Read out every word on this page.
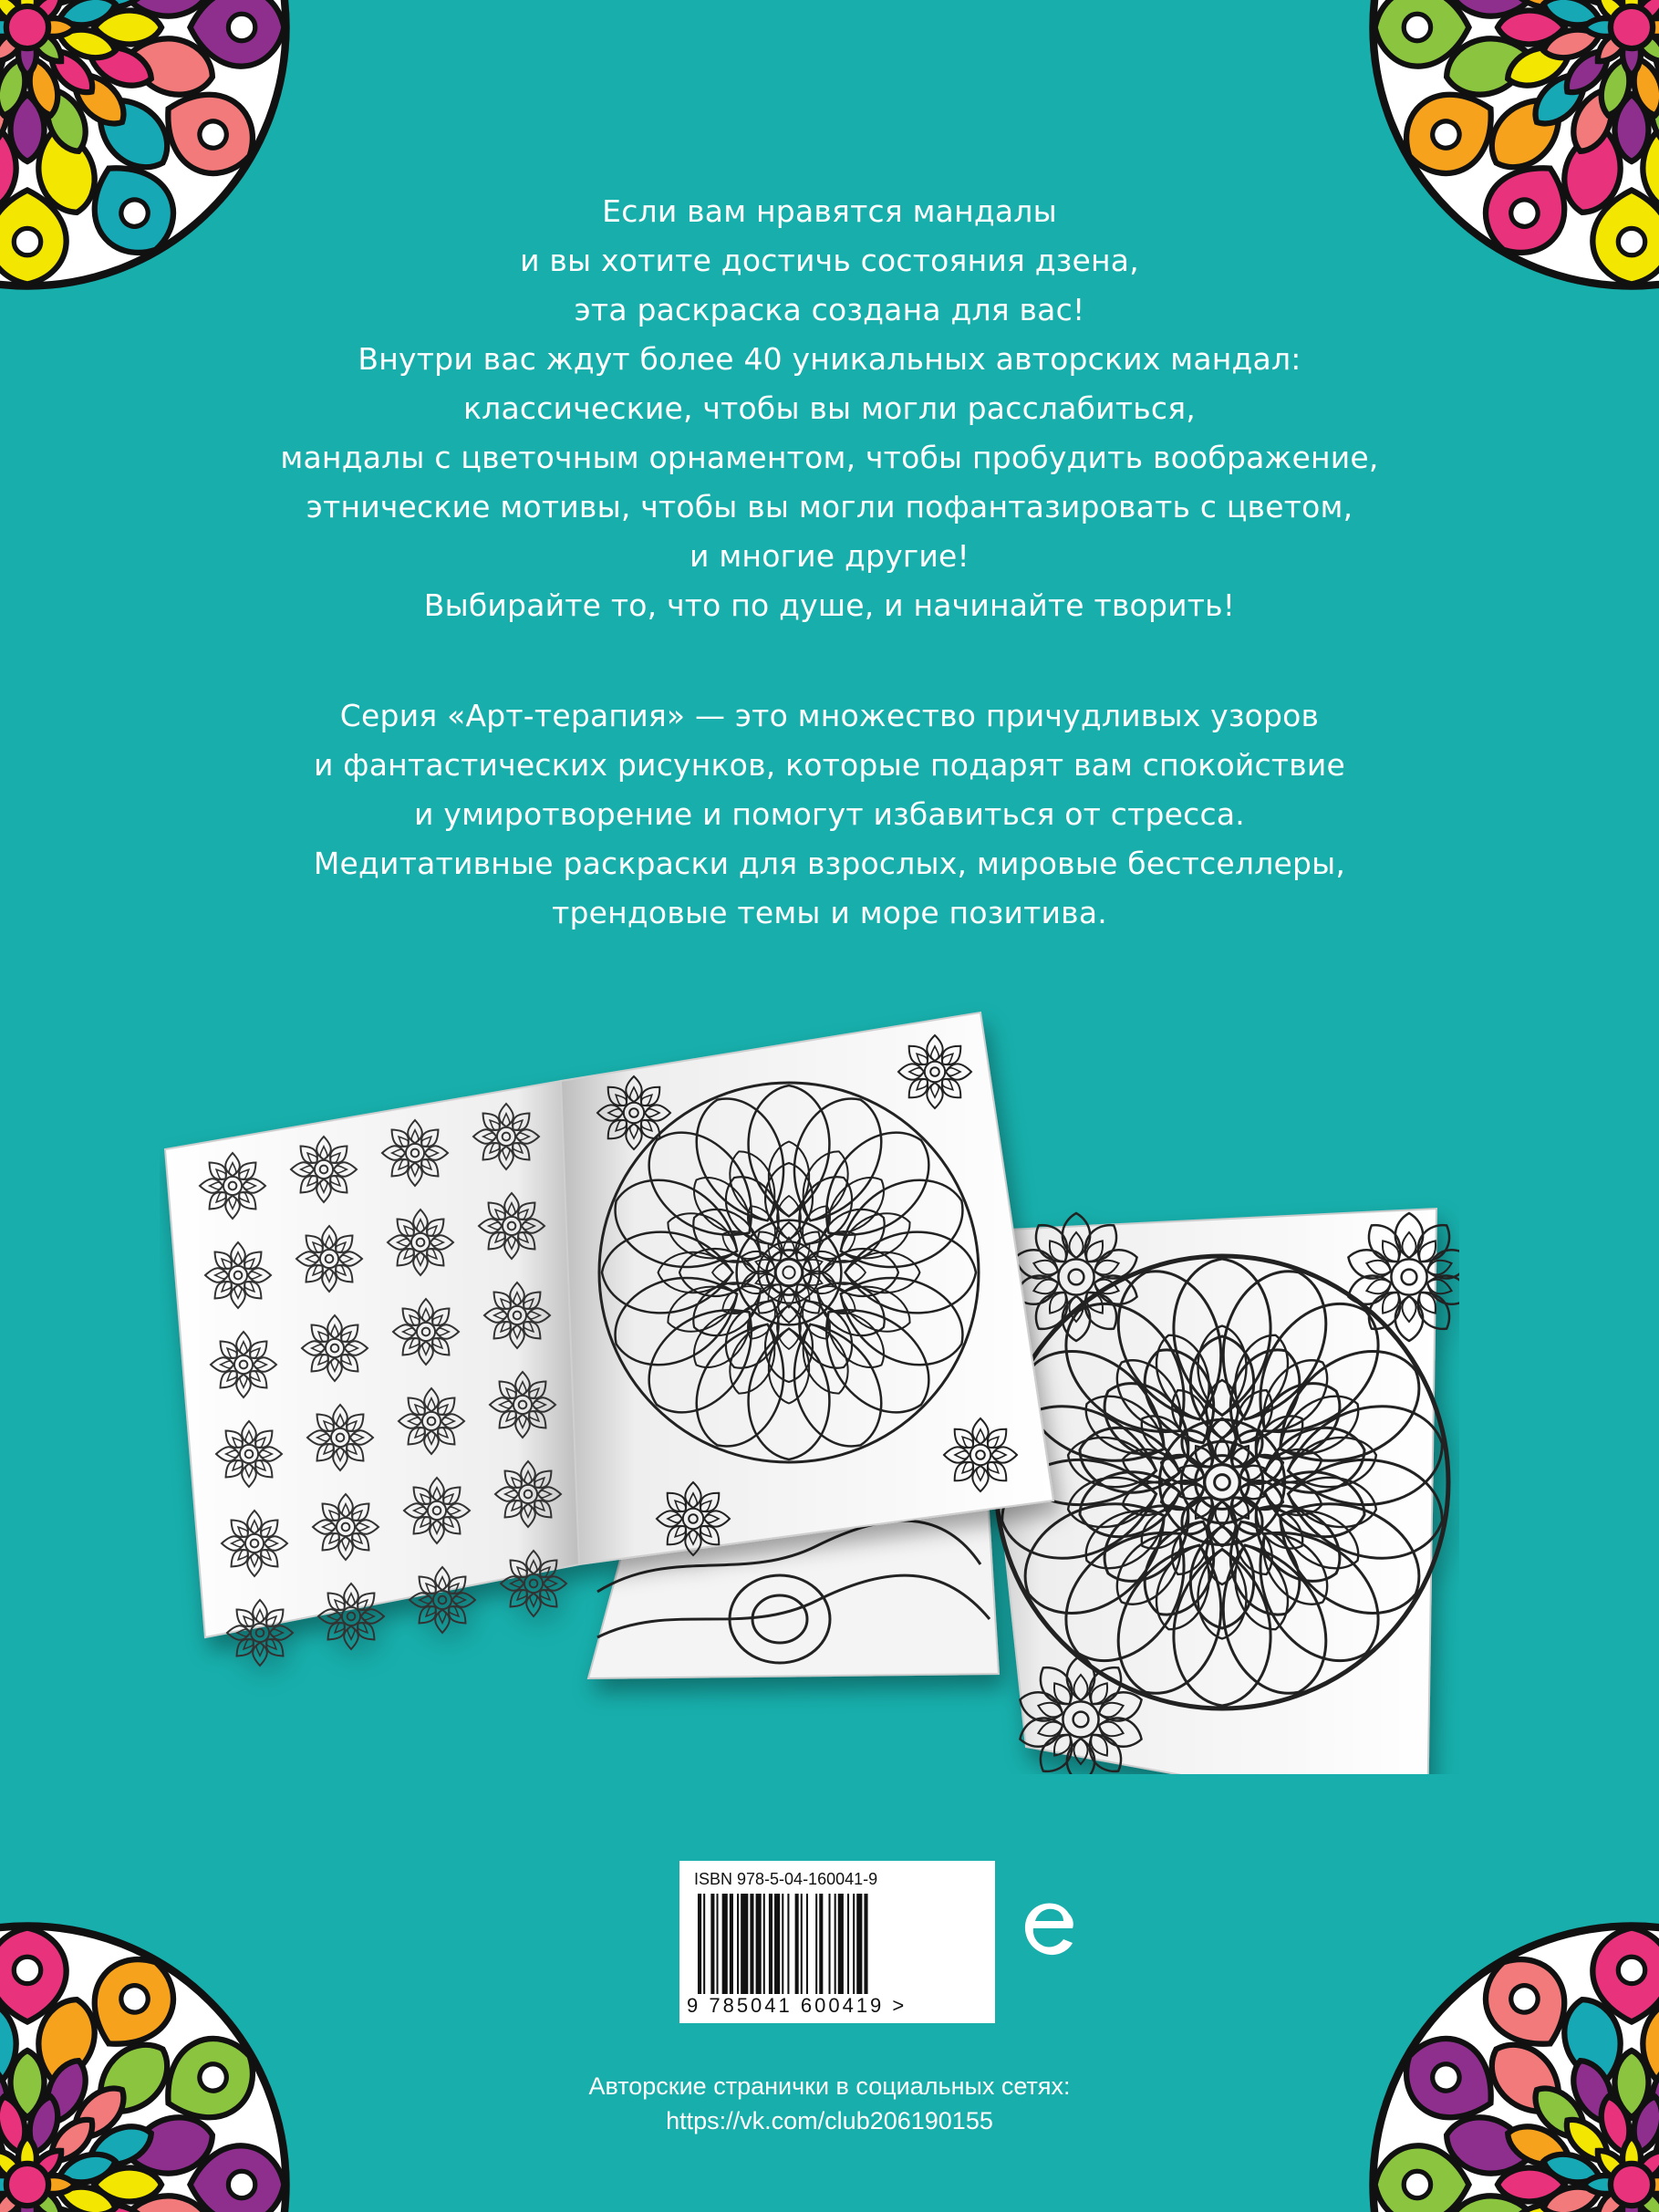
Если вам нравятся мандалы
и вы хотите достичь состояния дзена,
эта раскраска создана для вас!
Внутри вас ждут более 40 уникальных авторских мандал:
классические, чтобы вы могли расслабиться,
мандалы с цветочным орнаментом, чтобы пробудить воображение,
этнические мотивы, чтобы вы могли пофантазировать с цветом,
и многие другие!
Выбирайте то, что по душе, и начинайте творить!
Серия «Арт-терапия» — это множество причудливых узоров
и фантастических рисунков, которые подарят вам спокойствие
и умиротворение и помогут избавиться от стресса.
Медитативные раскраски для взрослых, мировые бестселлеры,
трендовые темы и море позитива.
ISBN 978-5-04-160041-9
9 785041 600419 >
Авторские странички в социальных сетях:
https://vk.com/club206190155
